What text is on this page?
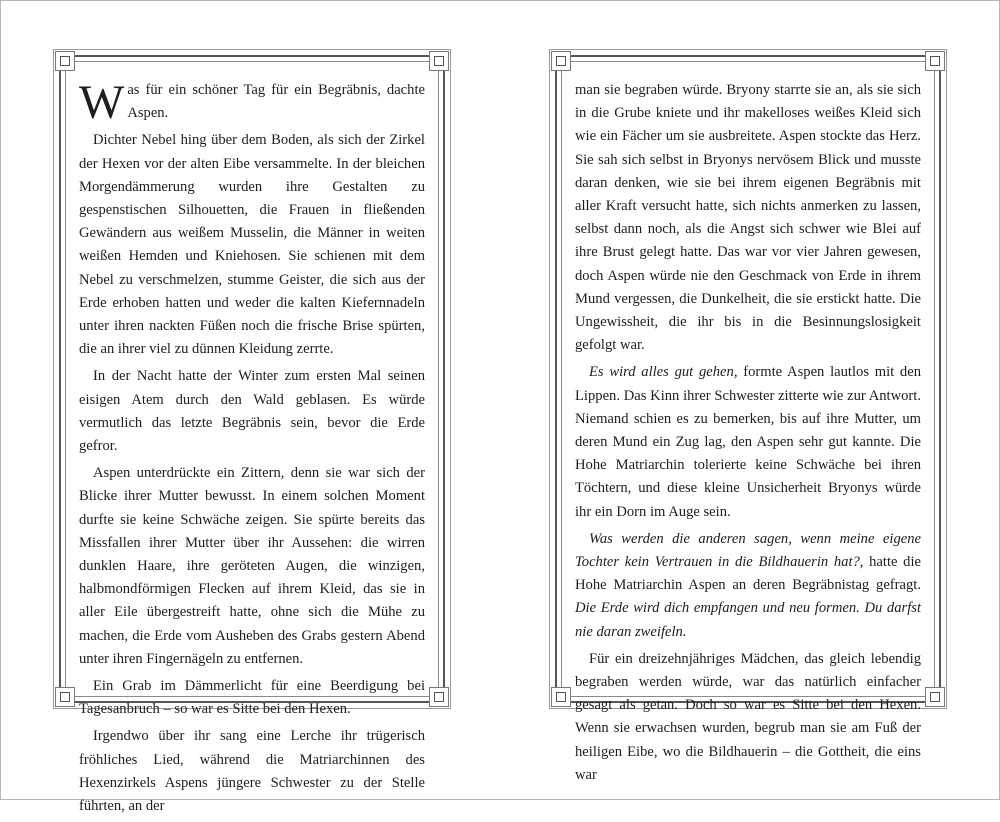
Was für ein schöner Tag für ein Begräbnis, dachte Aspen.

Dichter Nebel hing über dem Boden, als sich der Zirkel der Hexen vor der alten Eibe versammelte. In der bleichen Morgendämmerung wurden ihre Gestalten zu gespenstischen Silhouetten, die Frauen in fließenden Gewändern aus weißem Musselin, die Männer in weiten weißen Hemden und Kniehosen. Sie schienen mit dem Nebel zu verschmelzen, stumme Geister, die sich aus der Erde erhoben hatten und weder die kalten Kiefernnadeln unter ihren nackten Füßen noch die frische Brise spürten, die an ihrer viel zu dünnen Kleidung zerrte.

In der Nacht hatte der Winter zum ersten Mal seinen eisigen Atem durch den Wald geblasen. Es würde vermutlich das letzte Begräbnis sein, bevor die Erde gefror.

Aspen unterdrückte ein Zittern, denn sie war sich der Blicke ihrer Mutter bewusst. In einem solchen Moment durfte sie keine Schwäche zeigen. Sie spürte bereits das Missfallen ihrer Mutter über ihr Aussehen: die wirren dunklen Haare, ihre geröteten Augen, die winzigen, halbmondförmigen Flecken auf ihrem Kleid, das sie in aller Eile übergestreift hatte, ohne sich die Mühe zu machen, die Erde vom Ausheben des Grabs gestern Abend unter ihren Fingernägeln zu entfernen.

Ein Grab im Dämmerlicht für eine Beerdigung bei Tagesanbruch – so war es Sitte bei den Hexen.

Irgendwo über ihr sang eine Lerche ihr trügerisch fröhliches Lied, während die Matriarchinnen des Hexenzirkels Aspens jüngere Schwester zu der Stelle führten, an der

man sie begraben würde. Bryony starrte sie an, als sie sich in die Grube kniete und ihr makelloses weißes Kleid sich wie ein Fächer um sie ausbreitete. Aspen stockte das Herz. Sie sah sich selbst in Bryonys nervösem Blick und musste daran denken, wie sie bei ihrem eigenen Begräbnis mit aller Kraft versucht hatte, sich nichts anmerken zu lassen, selbst dann noch, als die Angst sich schwer wie Blei auf ihre Brust gelegt hatte. Das war vor vier Jahren gewesen, doch Aspen würde nie den Geschmack von Erde in ihrem Mund vergessen, die Dunkelheit, die sie erstickt hatte. Die Ungewissheit, die ihr bis in die Besinnungslosigkeit gefolgt war.

Es wird alles gut gehen, formte Aspen lautlos mit den Lippen. Das Kinn ihrer Schwester zitterte wie zur Antwort. Niemand schien es zu bemerken, bis auf ihre Mutter, um deren Mund ein Zug lag, den Aspen sehr gut kannte. Die Hohe Matriarchin tolerierte keine Schwäche bei ihren Töchtern, und diese kleine Unsicherheit Bryonys würde ihr ein Dorn im Auge sein.

Was werden die anderen sagen, wenn meine eigene Tochter kein Vertrauen in die Bildhauerin hat?, hatte die Hohe Matriarchin Aspen an deren Begräbnistag gefragt. Die Erde wird dich empfangen und neu formen. Du darfst nie daran zweifeln.

Für ein dreizehnjähriges Mädchen, das gleich lebendig begraben werden würde, war das natürlich einfacher gesagt als getan. Doch so war es Sitte bei den Hexen. Wenn sie erwachsen wurden, begrub man sie am Fuß der heiligen Eibe, wo die Bildhauerin – die Gottheit, die eins war
